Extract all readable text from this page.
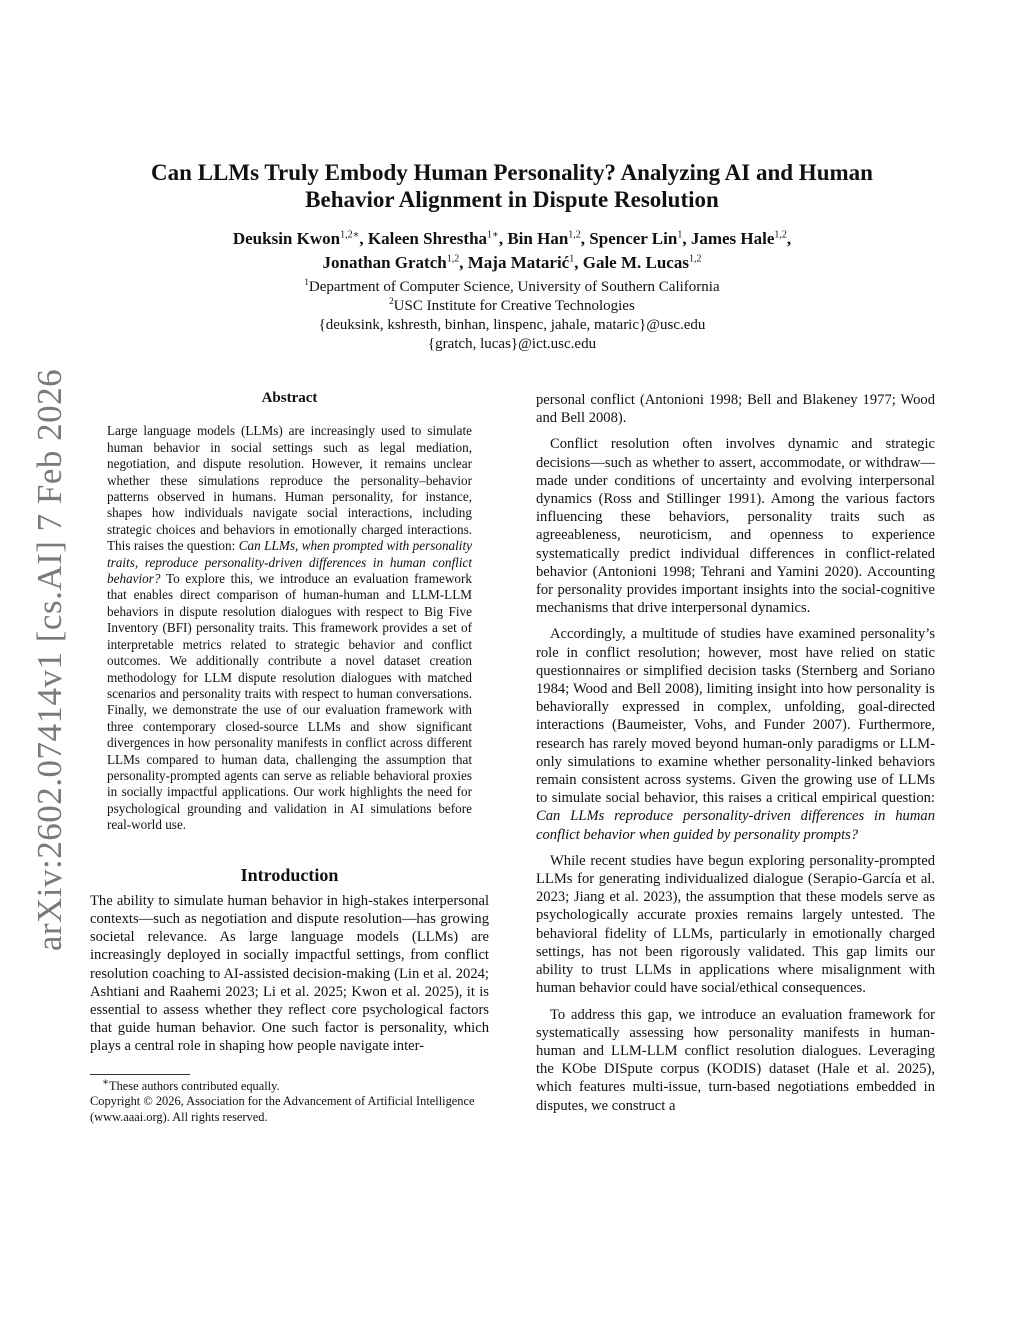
arXiv:2602.07414v1 [cs.AI] 7 Feb 2026
Can LLMs Truly Embody Human Personality? Analyzing AI and Human
Behavior Alignment in Dispute Resolution
Deuksin Kwon$^{1,2∗}$, Kaleen Shrestha$^{1∗}$, Bin Han$^{1,2}$, Spencer Lin$^1$, James Hale$^{1,2}$,
Jonathan Gratch$^{1,2}$, Maja Matarić$^1$, Gale M. Lucas$^{1,2}$
$^1$Department of Computer Science, University of Southern California
$^2$USC Institute for Creative Technologies
{deuksink, kshresth, binhan, linspenc, jahale, mataric}@usc.edu
{gratch, lucas}@ict.usc.edu
Abstract

Large language models (LLMs) are increasingly used to simulate human behavior in social settings such as legal mediation, negotiation, and dispute resolution. However, it remains unclear whether these simulations reproduce the personality–behavior patterns observed in humans. Human personality, for instance, shapes how individuals navigate social interactions, including strategic choices and behaviors in emotionally charged interactions. This raises the question: Can LLMs, when prompted with personality traits, reproduce personality-driven differences in human conflict behavior? To explore this, we introduce an evaluation framework that enables direct comparison of human-human and LLM-LLM behaviors in dispute resolution dialogues with respect to Big Five Inventory (BFI) personality traits. This framework provides a set of interpretable metrics related to strategic behavior and conflict outcomes. We additionally contribute a novel dataset creation methodology for LLM dispute resolution dialogues with matched scenarios and personality traits with respect to human conversations. Finally, we demonstrate the use of our evaluation framework with three contemporary closed-source LLMs and show significant divergences in how personality manifests in conflict across different LLMs compared to human data, challenging the assumption that personality-prompted agents can serve as reliable behavioral proxies in socially impactful applications. Our work highlights the need for psychological grounding and validation in AI simulations before real-world use.

Introduction

The ability to simulate human behavior in high-stakes interpersonal contexts—such as negotiation and dispute resolution—has growing societal relevance. As large language models (LLMs) are increasingly deployed in socially impactful settings, from conflict resolution coaching to AI-assisted decision-making (Lin et al. 2024; Ashtiani and Raahemi 2023; Li et al. 2025; Kwon et al. 2025), it is essential to assess whether they reflect core psychological factors that guide human behavior. One such factor is personality, which plays a central role in shaping how people navigate inter-

∗These authors contributed equally.

Copyright © 2026, Association for the Advancement of Artificial Intelligence (www.aaai.org). All rights reserved.

personal conflict (Antonioni 1998; Bell and Blakeney 1977; Wood and Bell 2008).

Conflict resolution often involves dynamic and strategic decisions—such as whether to assert, accommodate, or withdraw—made under conditions of uncertainty and evolving interpersonal dynamics (Ross and Stillinger 1991). Among the various factors influencing these behaviors, personality traits such as agreeableness, neuroticism, and openness to experience systematically predict individual differences in conflict-related behavior (Antonioni 1998; Tehrani and Yamini 2020). Accounting for personality provides important insights into the social-cognitive mechanisms that drive interpersonal dynamics.

Accordingly, a multitude of studies have examined personality’s role in conflict resolution; however, most have relied on static questionnaires or simplified decision tasks (Sternberg and Soriano 1984; Wood and Bell 2008), limiting insight into how personality is behaviorally expressed in complex, unfolding, goal-directed interactions (Baumeister, Vohs, and Funder 2007). Furthermore, research has rarely moved beyond human-only paradigms or LLM-only simulations to examine whether personality-linked behaviors remain consistent across systems. Given the growing use of LLMs to simulate social behavior, this raises a critical empirical question: Can LLMs reproduce personality-driven differences in human conflict behavior when guided by personality prompts?

While recent studies have begun exploring personality-prompted LLMs for generating individualized dialogue (Serapio-García et al. 2023; Jiang et al. 2023), the assumption that these models serve as psychologically accurate proxies remains largely untested. The behavioral fidelity of LLMs, particularly in emotionally charged settings, has not been rigorously validated. This gap limits our ability to trust LLMs in applications where misalignment with human behavior could have social/ethical consequences.

To address this gap, we introduce an evaluation framework for systematically assessing how personality manifests in human-human and LLM-LLM conflict resolution dialogues. Leveraging the KObe DISpute corpus (KODIS) dataset (Hale et al. 2025), which features multi-issue, turn-based negotiations embedded in disputes, we construct a
